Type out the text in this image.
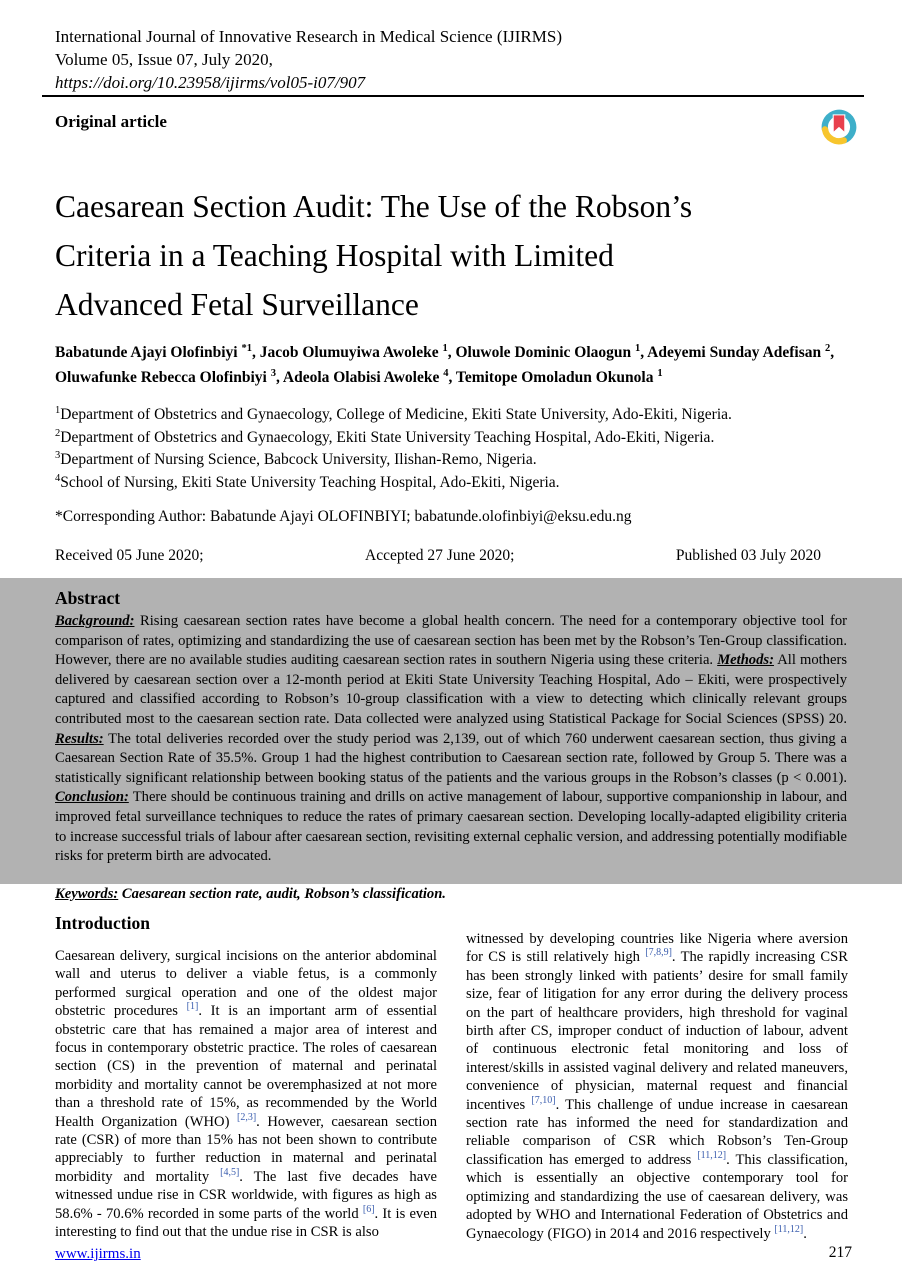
International Journal of Innovative Research in Medical Science (IJIRMS)
Volume 05, Issue 07, July 2020,
https://doi.org/10.23958/ijirms/vol05-i07/907
Original article
Caesarean Section Audit: The Use of the Robson’s
Criteria in a Teaching Hospital with Limited
Advanced Fetal Surveillance
Babatunde Ajayi Olofinbiyi $^{*1}$, Jacob Olumuyiwa Awoleke $^1$, Oluwole Dominic Olaogun $^1$, Adeyemi Sunday Adefisan $^2$, Oluwafunke Rebecca Olofinbiyi $^3$, Adeola Olabisi Awoleke $^4$, Temitope Omoladun Okunola $^1$
$^1$Department of Obstetrics and Gynaecology, College of Medicine, Ekiti State University, Ado-Ekiti, Nigeria.
$^2$Department of Obstetrics and Gynaecology, Ekiti State University Teaching Hospital, Ado-Ekiti, Nigeria.
$^3$Department of Nursing Science, Babcock University, Ilishan-Remo, Nigeria.
$^4$School of Nursing, Ekiti State University Teaching Hospital, Ado-Ekiti, Nigeria.
*Corresponding Author: Babatunde Ajayi OLOFINBIYI; babatunde.olofinbiyi@eksu.edu.ng
Received 05 June 2020;	Accepted 27 June 2020;	Published 03 July 2020
Abstract

Background: Rising caesarean section rates have become a global health concern. The need for a contemporary objective tool for comparison of rates, optimizing and standardizing the use of caesarean section has been met by the Robson’s Ten-Group classification. However, there are no available studies auditing caesarean section rates in southern Nigeria using these criteria. Methods: All mothers delivered by caesarean section over a 12-month period at Ekiti State University Teaching Hospital, Ado – Ekiti, were prospectively captured and classified according to Robson’s 10-group classification with a view to detecting which clinically relevant groups contributed most to the caesarean section rate. Data collected were analyzed using Statistical Package for Social Sciences (SPSS) 20. Results: The total deliveries recorded over the study period was 2,139, out of which 760 underwent caesarean section, thus giving a Caesarean Section Rate of 35.5%. Group 1 had the highest contribution to Caesarean section rate, followed by Group 5. There was a statistically significant relationship between booking status of the patients and the various groups in the Robson’s classes (p < 0.001). Conclusion: There should be continuous training and drills on active management of labour, supportive companionship in labour, and improved fetal surveillance techniques to reduce the rates of primary caesarean section. Developing locally-adapted eligibility criteria to increase successful trials of labour after caesarean section, revisiting external cephalic version, and addressing potentially modifiable risks for preterm birth are advocated.

Keywords: Caesarean section rate, audit, Robson’s classification.

Introduction

Caesarean delivery, surgical incisions on the anterior abdominal wall and uterus to deliver a viable fetus, is a commonly performed surgical operation and one of the oldest major obstetric procedures [1]. It is an important arm of essential obstetric care that has remained a major area of interest and focus in contemporary obstetric practice. The roles of caesarean section (CS) in the prevention of maternal and perinatal morbidity and mortality cannot be overemphasized at not more than a threshold rate of 15%, as recommended by the World Health Organization (WHO) [2,3]. However, caesarean section rate (CSR) of more than 15% has not been shown to contribute appreciably to further reduction in maternal and perinatal morbidity and mortality [4,5]. The last five decades have witnessed undue rise in CSR worldwide, with figures as high as 58.6% - 70.6% recorded in some parts of the world [6]. It is even interesting to find out that the undue rise in CSR is also

witnessed by developing countries like Nigeria where aversion for CS is still relatively high [7,8,9]. The rapidly increasing CSR has been strongly linked with patients’ desire for small family size, fear of litigation for any error during the delivery process on the part of healthcare providers, high threshold for vaginal birth after CS, improper conduct of induction of labour, advent of continuous electronic fetal monitoring and loss of interest/skills in assisted vaginal delivery and related maneuvers, convenience of physician, maternal request and financial incentives [7,10]. This challenge of undue increase in caesarean section rate has informed the need for standardization and reliable comparison of CSR which Robson’s Ten-Group classification has emerged to address [11,12]. This classification, which is essentially an objective contemporary tool for optimizing and standardizing the use of caesarean delivery, was adopted by WHO and International Federation of Obstetrics and Gynaecology (FIGO) in 2014 and 2016 respectively [11,12].

www.ijirms.in	217
